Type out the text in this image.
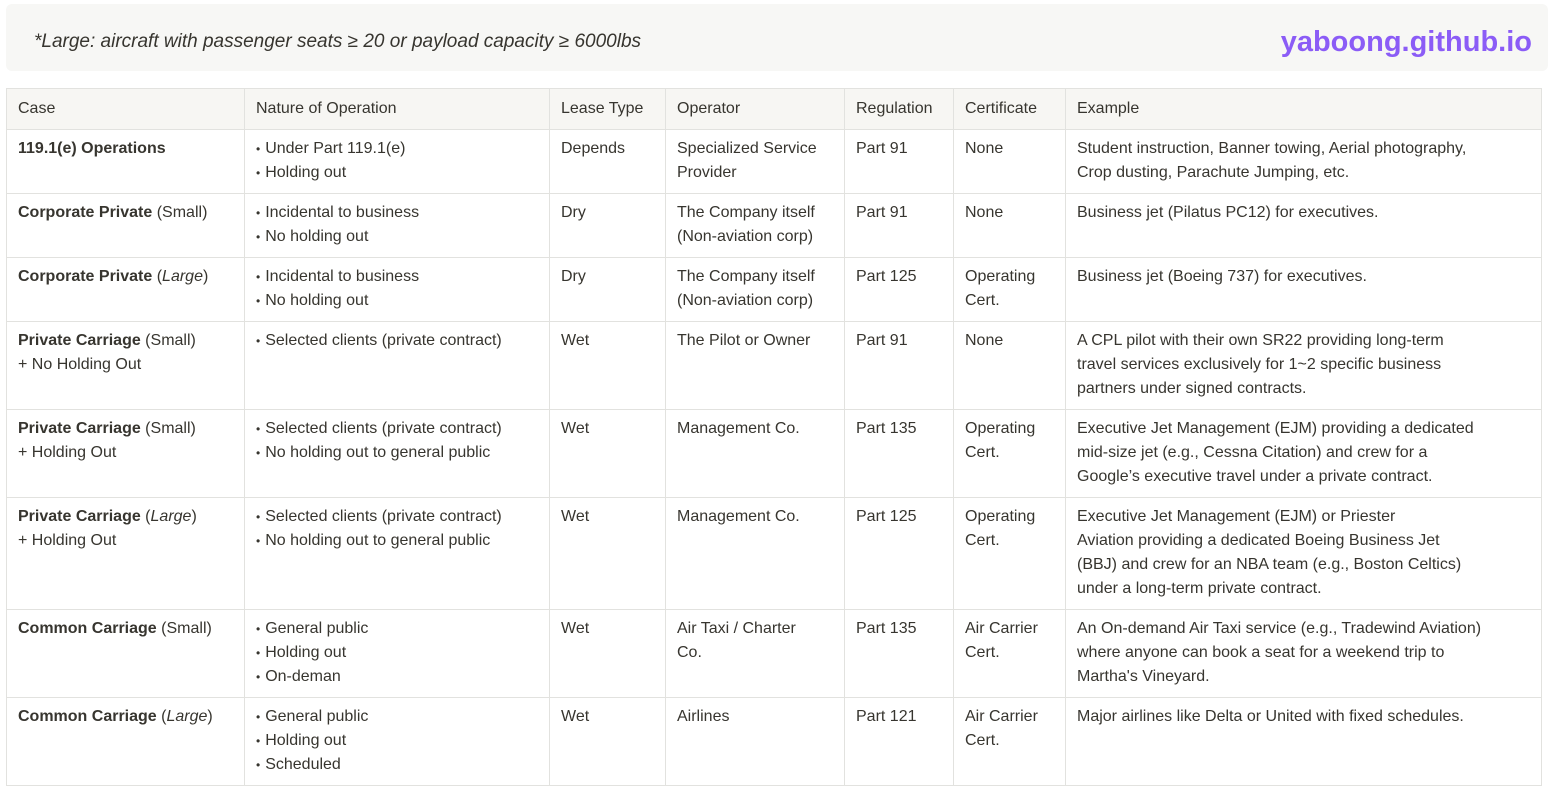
*Large: aircraft with passenger seats ≥ 20 or payload capacity ≥ 6000lbs	yaboong.github.io
Case	Nature of Operation	Lease Type	Operator	Regulation	Certificate	Example

119.1(e) Operations	• Under Part 119.1(e)
• Holding out	Depends	Specialized Service
Provider	Part 91	None	Student instruction, Banner towing, Aerial photography,
Crop dusting, Parachute Jumping, etc.

Corporate Private (Small)	• Incidental to business
• No holding out	Dry	The Company itself
(Non-aviation corp)	Part 91	None	Business jet (Pilatus PC12) for executives.

Corporate Private (Large)	• Incidental to business
• No holding out	Dry	The Company itself
(Non-aviation corp)	Part 125	Operating
Cert.	Business jet (Boeing 737) for executives.

Private Carriage (Small)
+ No Holding Out	• Selected clients (private contract)	Wet	The Pilot or Owner	Part 91	None	A CPL pilot with their own SR22 providing long-term
travel services exclusively for 1~2 specific business
partners under signed contracts.

Private Carriage (Small)
+ Holding Out	• Selected clients (private contract)
• No holding out to general public	Wet	Management Co.	Part 135	Operating
Cert.	Executive Jet Management (EJM) providing a dedicated
mid-size jet (e.g., Cessna Citation) and crew for a
Google’s executive travel under a private contract.

Private Carriage (Large)
+ Holding Out	• Selected clients (private contract)
• No holding out to general public	Wet	Management Co.	Part 125	Operating
Cert.	Executive Jet Management (EJM) or Priester
Aviation providing a dedicated Boeing Business Jet
(BBJ) and crew for an NBA team (e.g., Boston Celtics)
under a long-term private contract.

Common Carriage (Small)	• General public
• Holding out
• On-deman	Wet	Air Taxi / Charter
Co.	Part 135	Air Carrier
Cert.	An On-demand Air Taxi service (e.g., Tradewind Aviation)
where anyone can book a seat for a weekend trip to
Martha's Vineyard.

Common Carriage (Large)	• General public
• Holding out
• Scheduled	Wet	Airlines	Part 121	Air Carrier
Cert.	Major airlines like Delta or United with fixed schedules.
